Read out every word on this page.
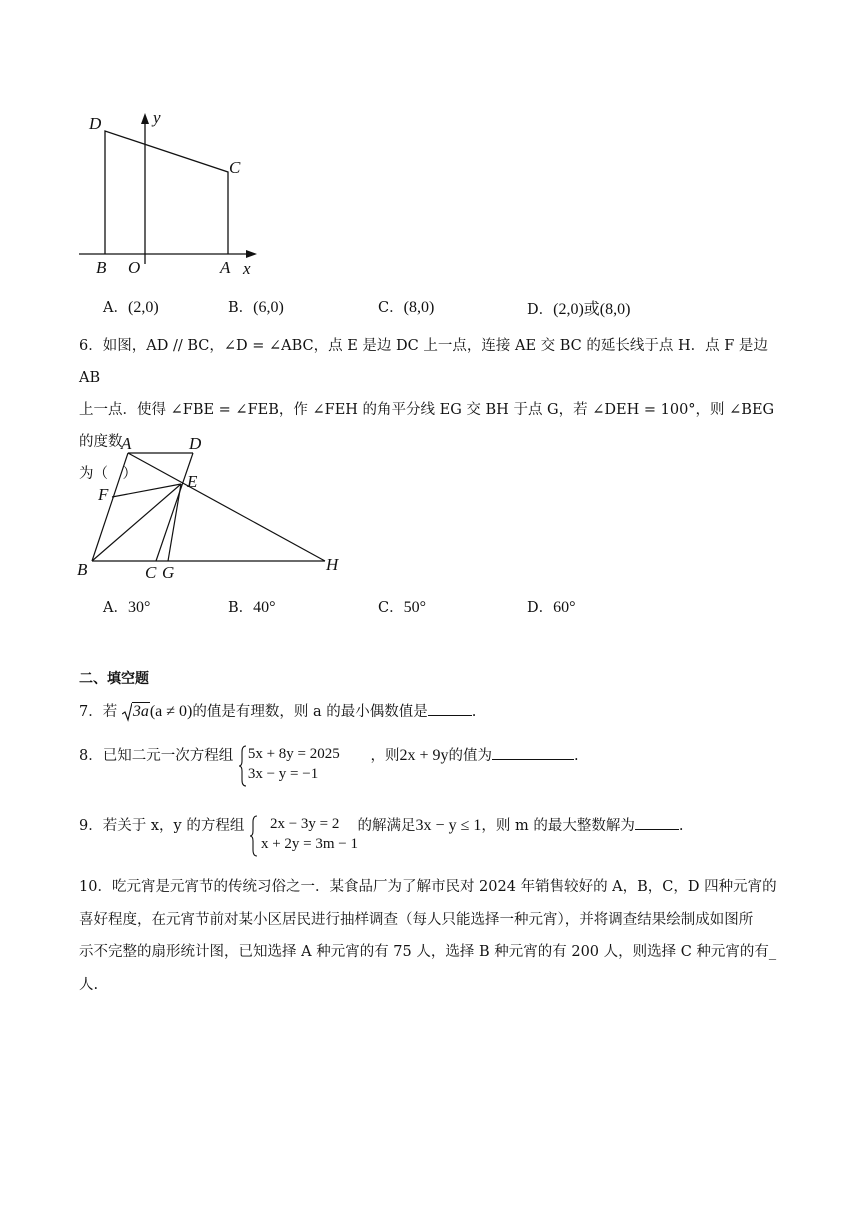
D	y
C
B O	A x
A．(2,0)	B．(6,0)	C．(8,0)	D．(2,0)或(8,0)
6．如图，AD // BC，∠D = ∠ABC，点 E 是边 DC 上一点，连接 AE 交 BC 的延长线于点 H．点 F 是边 AB
上一点．使得 ∠FBE = ∠FEB，作 ∠FEH 的角平分线 EG 交 BH 于点 G，若 ∠DEH = 100°，则 ∠BEG 的度数
为（　）
A	D
E
F
B	C G	H
A．30°	B．40°	C．50°	D．60°
二、填空题
7．若 3a(a ≠ 0)的值是有理数，则 a 的最小偶数值是	.
8．已知二元一次方程组 5x + 8y = 2025
3x − y = −1
，则2x + 9y的值为	.
9．若关于 x，y 的方程组	2x − 3y = 2
x + 2y = 3m − 1
的解满足3x − y ≤ 1，则 m 的最大整数解为	.
10．吃元宵是元宵节的传统习俗之一．某食品厂为了解市民对 2024 年销售较好的 A，B，C，D 四种元宵的
喜好程度，在元宵节前对某小区居民进行抽样调查（每人只能选择一种元宵），并将调查结果绘制成如图所
示不完整的扇形统计图，已知选择 A 种元宵的有 75 人，选择 B 种元宵的有 200 人，则选择 C 种元宵的有_
人.
